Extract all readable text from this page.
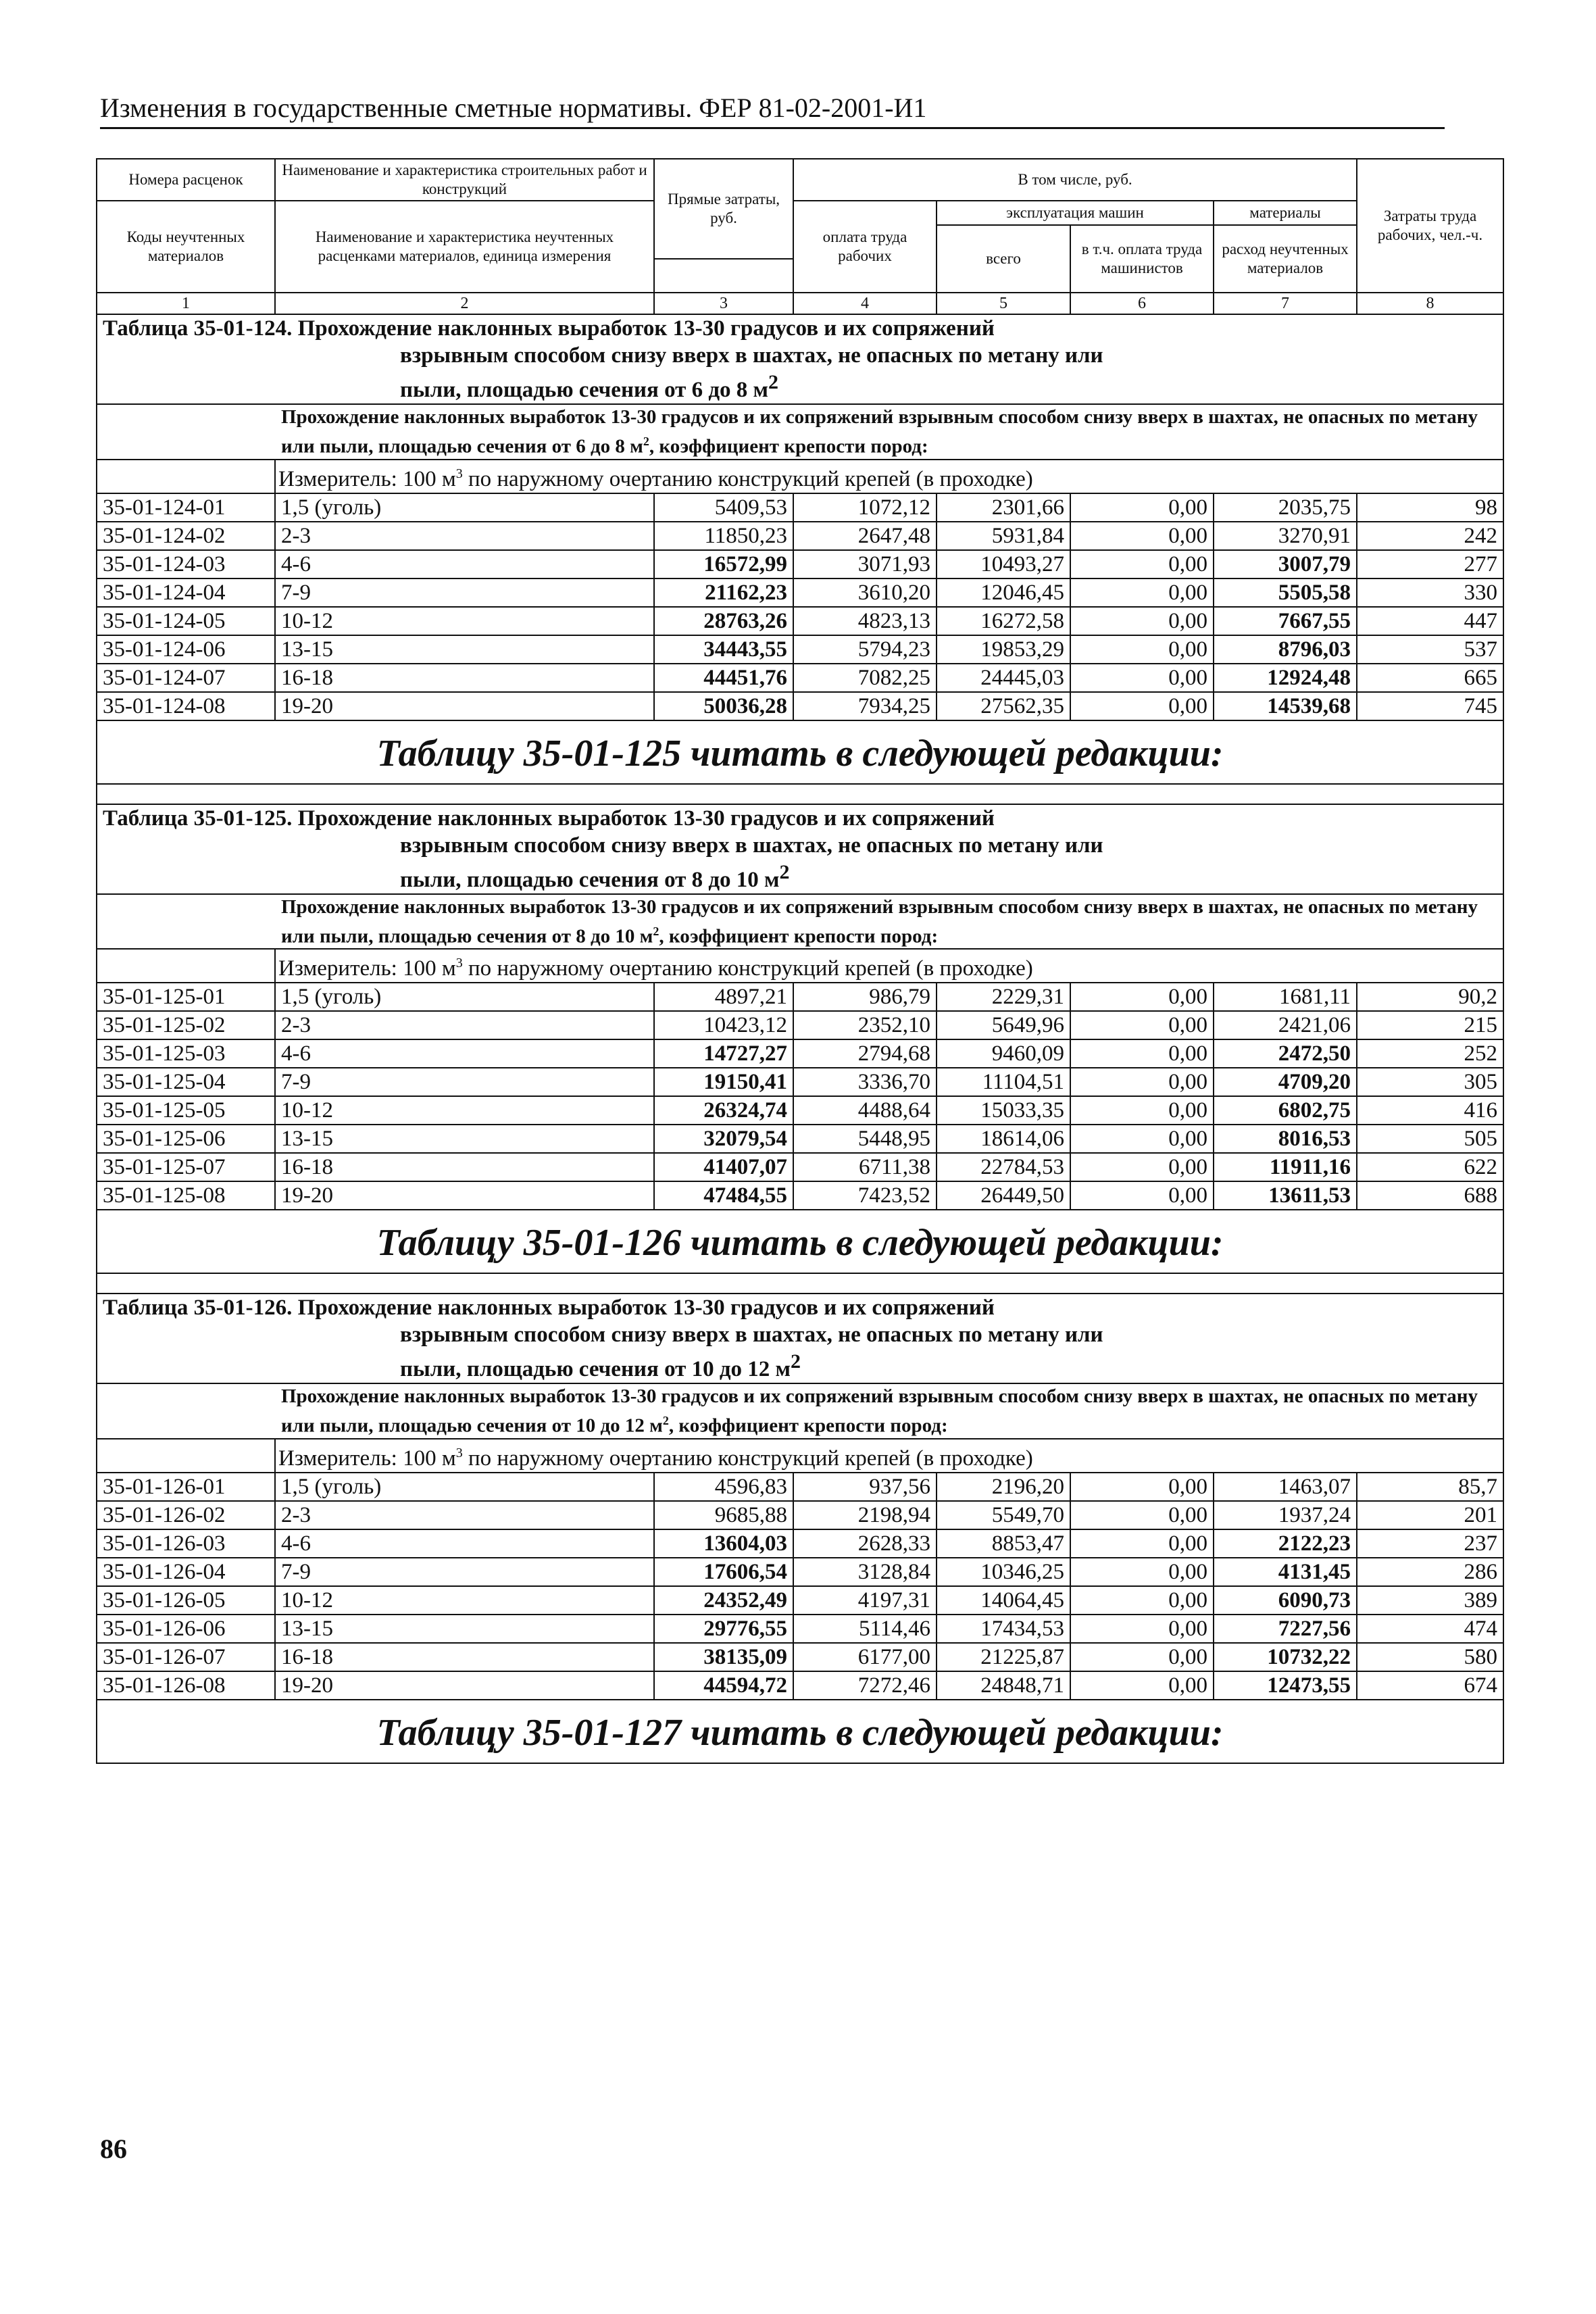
Изменения в государственные сметные нормативы. ФЕР 81-02-2001-И1
Номера расценок	Наименование и характеристика строительных работ и конструкций	Прямые затраты, руб.	В том числе, руб.				Затраты труда рабочих, чел.-ч.
Коды неучтенных материалов	Наименование и характеристика неучтенных расценками материалов, единица измерения		оплата труда рабочих	эксплуатация машин		материалы	
				всего	в т.ч. оплата труда машинистов	расход неучтенных материалов	

1	2	3	4	5	6	7	8
Таблица 35-01-124. Прохождение наклонных выработок 13-30 градусов и их сопряжений
взрывным способом снизу вверх в шахтах, не опасных по метану или
пыли, площадью сечения от 6 до 8 $м^2$

Прохождение наклонных выработок 13-30 градусов и их сопряжений взрывным способом снизу вверх в шахтах, не опасных по метану или пыли, площадью сечения от 6 до 8 $м^2$, коэффициент крепости пород:							
	Измеритель: 100 $м^3$ по наружному очертанию конструкций крепей (в проходке)						
35-01-124-01	1,5 (уголь)	5409,53	1072,12	2301,66	0,00	2035,75	98
35-01-124-02	2-3	11850,23	2647,48	5931,84	0,00	3270,91	242
35-01-124-03	4-6	16572,99	3071,93	10493,27	0,00	3007,79	277
35-01-124-04	7-9	21162,23	3610,20	12046,45	0,00	5505,58	330
35-01-124-05	10-12	28763,26	4823,13	16272,58	0,00	7667,55	447
35-01-124-06	13-15	34443,55	5794,23	19853,29	0,00	8796,03	537
35-01-124-07	16-18	44451,76	7082,25	24445,03	0,00	12924,48	665
35-01-124-08	19-20	50036,28	7934,25	27562,35	0,00	14539,68	745
Таблицу 35-01-125 читать в следующей редакции:							

Таблица 35-01-125. Прохождение наклонных выработок 13-30 градусов и их сопряжений
взрывным способом снизу вверх в шахтах, не опасных по метану или
пыли, площадью сечения от 8 до 10 $м^2$

Прохождение наклонных выработок 13-30 градусов и их сопряжений взрывным способом снизу вверх в шахтах, не опасных по метану или пыли, площадью сечения от 8 до 10 $м^2$, коэффициент крепости пород:							
	Измеритель: 100 $м^3$ по наружному очертанию конструкций крепей (в проходке)						
35-01-125-01	1,5 (уголь)	4897,21	986,79	2229,31	0,00	1681,11	90,2
35-01-125-02	2-3	10423,12	2352,10	5649,96	0,00	2421,06	215
35-01-125-03	4-6	14727,27	2794,68	9460,09	0,00	2472,50	252
35-01-125-04	7-9	19150,41	3336,70	11104,51	0,00	4709,20	305
35-01-125-05	10-12	26324,74	4488,64	15033,35	0,00	6802,75	416
35-01-125-06	13-15	32079,54	5448,95	18614,06	0,00	8016,53	505
35-01-125-07	16-18	41407,07	6711,38	22784,53	0,00	11911,16	622
35-01-125-08	19-20	47484,55	7423,52	26449,50	0,00	13611,53	688
Таблицу 35-01-126 читать в следующей редакции:							

Таблица 35-01-126. Прохождение наклонных выработок 13-30 градусов и их сопряжений
взрывным способом снизу вверх в шахтах, не опасных по метану или
пыли, площадью сечения от 10 до 12 $м^2$

Прохождение наклонных выработок 13-30 градусов и их сопряжений взрывным способом снизу вверх в шахтах, не опасных по метану или пыли, площадью сечения от 10 до 12 $м^2$, коэффициент крепости пород:							
	Измеритель: 100 $м^3$ по наружному очертанию конструкций крепей (в проходке)						
35-01-126-01	1,5 (уголь)	4596,83	937,56	2196,20	0,00	1463,07	85,7
35-01-126-02	2-3	9685,88	2198,94	5549,70	0,00	1937,24	201
35-01-126-03	4-6	13604,03	2628,33	8853,47	0,00	2122,23	237
35-01-126-04	7-9	17606,54	3128,84	10346,25	0,00	4131,45	286
35-01-126-05	10-12	24352,49	4197,31	14064,45	0,00	6090,73	389
35-01-126-06	13-15	29776,55	5114,46	17434,53	0,00	7227,56	474
35-01-126-07	16-18	38135,09	6177,00	21225,87	0,00	10732,22	580
35-01-126-08	19-20	44594,72	7272,46	24848,71	0,00	12473,55	674
Таблицу 35-01-127 читать в следующей редакции:							
86
